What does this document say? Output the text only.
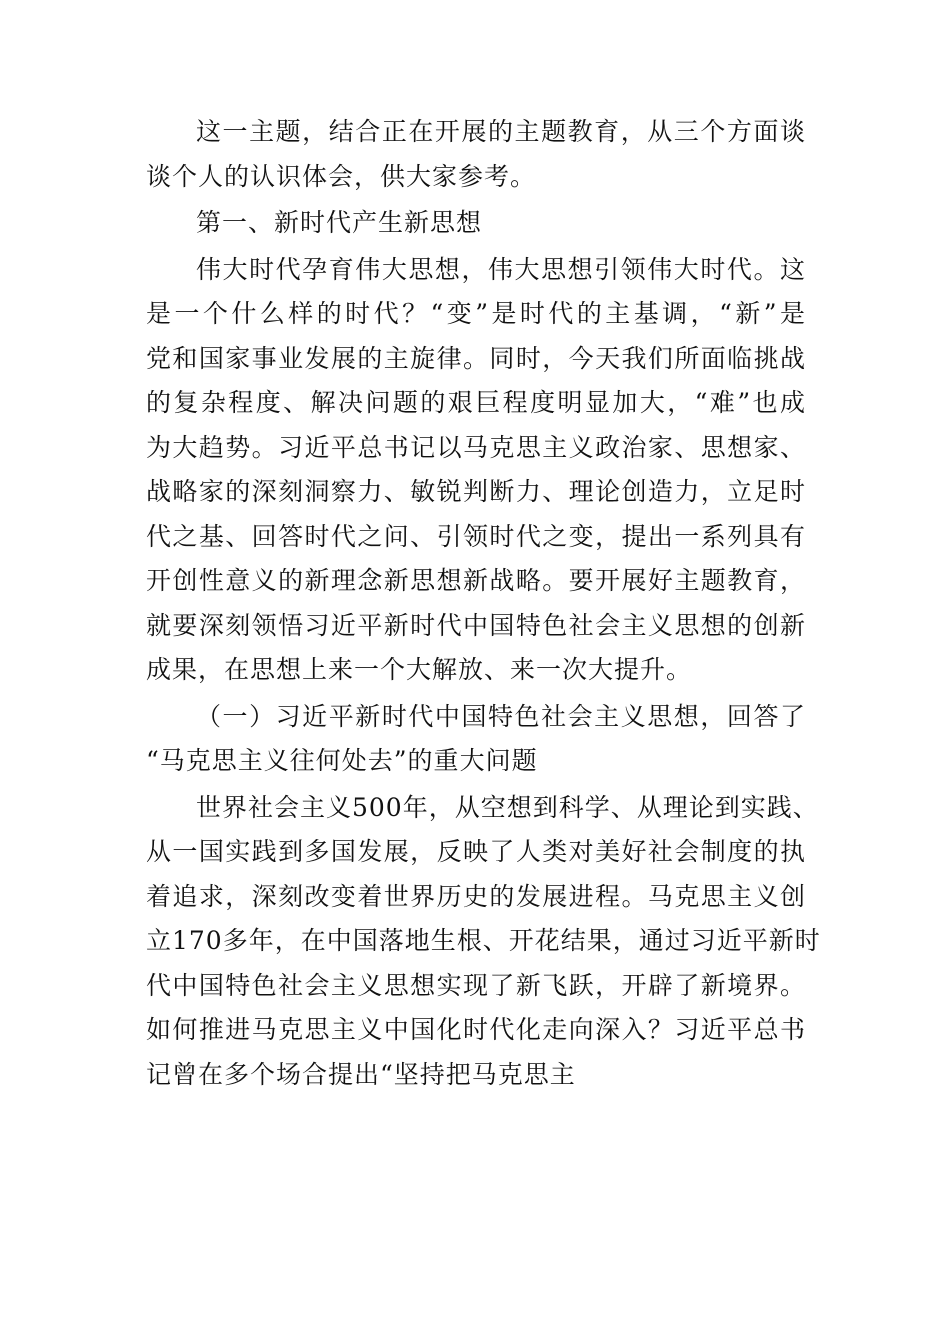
这一主题，结合正在开展的主题教育，从三个方面谈
谈个人的认识体会，供大家参考。
第一、新时代产生新思想
伟大时代孕育伟大思想，伟大思想引领伟大时代。这
是一个什么样的时代？“变”是时代的主基调，“新”是
党和国家事业发展的主旋律。同时，今天我们所面临挑战
的复杂程度、解决问题的艰巨程度明显加大，“难”也成
为大趋势。习近平总书记以马克思主义政治家、思想家、
战略家的深刻洞察力、敏锐判断力、理论创造力，立足时
代之基、回答时代之问、引领时代之变，提出一系列具有
开创性意义的新理念新思想新战略。要开展好主题教育，
就要深刻领悟习近平新时代中国特色社会主义思想的创新
成果，在思想上来一个大解放、来一次大提升。
（一）习近平新时代中国特色社会主义思想，回答了
“马克思主义往何处去”的重大问题
世界社会主义500年，从空想到科学、从理论到实践、
从一国实践到多国发展，反映了人类对美好社会制度的执
着追求，深刻改变着世界历史的发展进程。马克思主义创
立170多年，在中国落地生根、开花结果，通过习近平新时
代中国特色社会主义思想实现了新飞跃，开辟了新境界。
如何推进马克思主义中国化时代化走向深入？习近平总书
记曾在多个场合提出“坚持把马克思主
